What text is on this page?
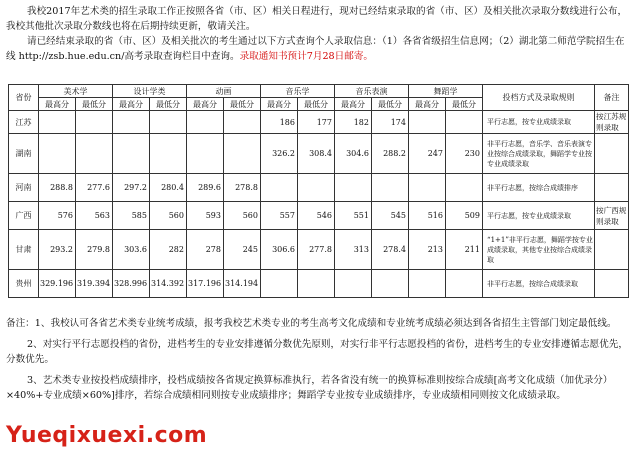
我校2017年艺术类的招生录取工作正按照各省（市、区）相关日程进行，现对已经结束录取的省（市、区）及相关批次录取分数线进行公布，我校其他批次录取分数线也将在后期持续更新，敬请关注。

请已经结束录取的省（市、区）及相关批次的考生通过以下方式查询个人录取信息：（1）各省省级招生信息网；（2）湖北第二师范学院招生在线 http://zsb.hue.edu.cn/高考录取查询栏目中查询。录取通知书预计7月28日邮寄。

省份	美术学		设计学类		动画		音乐学		音乐表演		舞蹈学		投档方式及录取规则	备注
	最高分	最低分	最高分	最低分	最高分	最低分	最高分	最低分	最高分	最低分	最高分	最低分		
江苏							186	177	182	174			平行志愿，按专业成绩录取	按江苏规则录取
湖南							326.2	308.4	304.6	288.2	247	230	非平行志愿，音乐学、音乐表演专业按综合成绩录取，舞蹈学专业按专业成绩录取	
河南	288.8	277.6	297.2	280.4	289.6	278.8							非平行志愿，按综合成绩排序	
广西	576	563	585	560	593	560	557	546	551	545	516	509	平行志愿，按专业成绩录取	按广西规则录取
甘肃	293.2	279.8	303.6	282	278	245	306.6	277.8	313	278.4	213	211	“1+1”非平行志愿，舞蹈学按专业成绩录取，其他专业按综合成绩录取	
贵州	329.196	319.394	328.996	314.392	317.196	314.194							非平行志愿，按综合成绩录取	

备注：1、我校认可各省艺术类专业统考成绩，报考我校艺术类专业的考生高考文化成绩和专业统考成绩必须达到各省招生主管部门划定最低线。

2、对实行平行志愿投档的省份，进档考生的专业安排遵循分数优先原则，对实行非平行志愿投档的省份，进档考生的专业安排遵循志愿优先，分数优先。

3、艺术类专业按投档成绩排序，投档成绩按各省规定换算标准执行，若各省没有统一的换算标准则按综合成绩[高考文化成绩（加优录分）×40%+专业成绩×60%]排序，若综合成绩相同则按专业成绩排序；舞蹈学专业按专业成绩排序，专业成绩相同则按文化成绩录取。

Yueqixuexi.com
